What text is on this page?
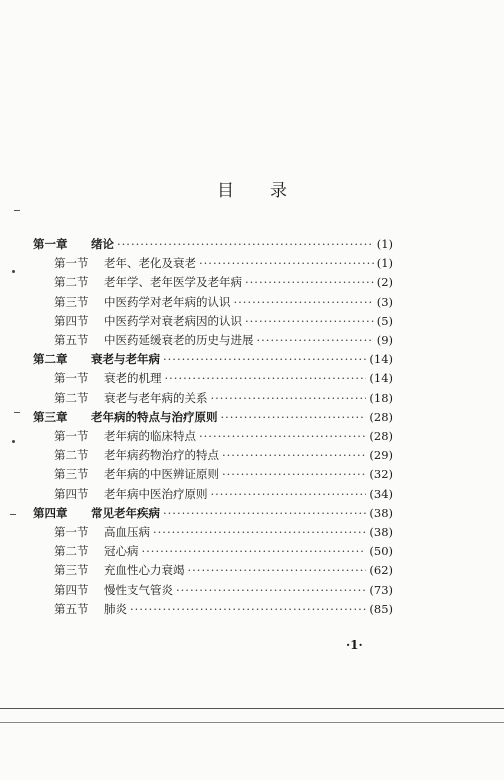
目 录
第一章	绪论 ·····	(1)
第一节	老年、老化及衰老 ·····	(1)
第二节	老年学、老年医学及老年病 ·····	(2)
第三节	中医药学对老年病的认识 ·····	(3)
第四节	中医药学对衰老病因的认识 ·····	(5)
第五节	中医药延缓衰老的历史与进展 ·····	(9)
第二章	衰老与老年病 ·····	(14)
第一节	衰老的机理 ·····	(14)
第二节	衰老与老年病的关系 ·····	(18)
第三章	老年病的特点与治疗原则 ·····	(28)
第一节	老年病的临床特点 ·····	(28)
第二节	老年病药物治疗的特点 ·····	(29)
第三节	老年病的中医辨证原则 ·····	(32)
第四节	老年病中医治疗原则 ·····	(34)
第四章	常见老年疾病 ·····	(38)
第一节	高血压病 ·····	(38)
第二节	冠心病 ·····	(50)
第三节	充血性心力衰竭 ·····	(62)
第四节	慢性支气管炎 ·····	(73)
第五节	肺炎 ·····	(85)
·1·
